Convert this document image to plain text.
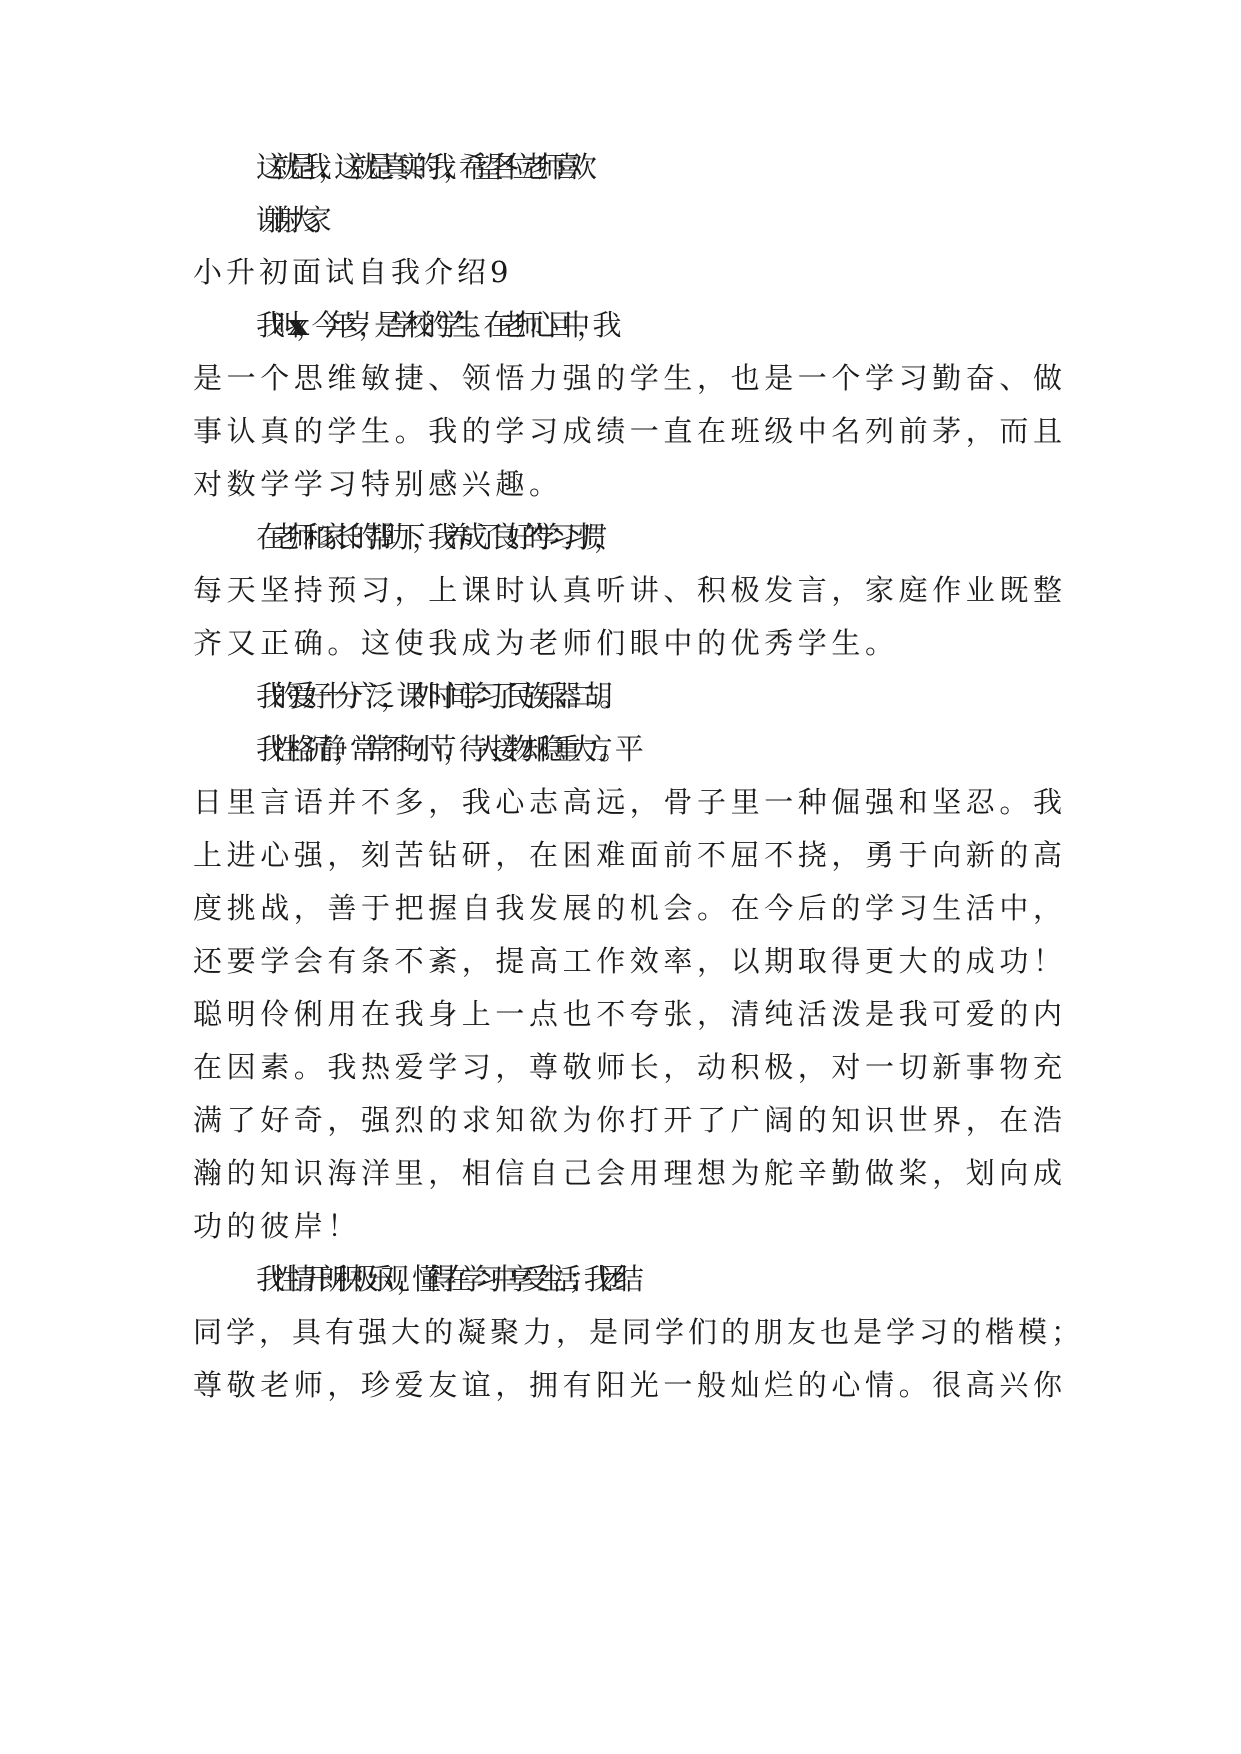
这就是我，这就是真实的我，希望各位老师喜欢

谢谢大家

小升初面试自我介绍9

我叫xxx，今年岁，是学校的学生。在老师心目中，我

是一个思维敏捷、领悟力强的学生，也是一个学习勤奋、做

事认真的学生。我的学习成绩一直在班级中名列前茅，而且

对数学学习特别感兴趣。

在老师和家长的帮助下，我养成了良好的'学习习惯，

每天坚持预习，上课时认真听讲、积极发言，家庭作业既整

齐又正确。这使我成为老师们眼中的优秀学生。

我的爱好十分广泛，课外时间学习了民族乐器二胡。

我性格沉静，常常不拘小节，待人接物却稳重大方。平

日里言语并不多，我心志高远，骨子里一种倔强和坚忍。我

上进心强，刻苦钻研，在困难面前不屈不挠，勇于向新的高

度挑战，善于把握自我发展的机会。在今后的学习生活中，

还要学会有条不紊，提高工作效率，以期取得更大的成功！

聪明伶俐用在我身上一点也不夸张，清纯活泼是我可爱的内

在因素。我热爱学习，尊敬师长，动积极，对一切新事物充

满了好奇，强烈的求知欲为你打开了广阔的知识世界，在浩

瀚的知识海洋里，相信自己会用理想为舵辛勤做桨，划向成

功的彼岸！

我性情开朗积极乐观，懂得在学习中享受生活；我团结

同学，具有强大的凝聚力，是同学们的朋友也是学习的楷模；

尊敬老师，珍爱友谊，拥有阳光一般灿烂的心情。很高兴你
